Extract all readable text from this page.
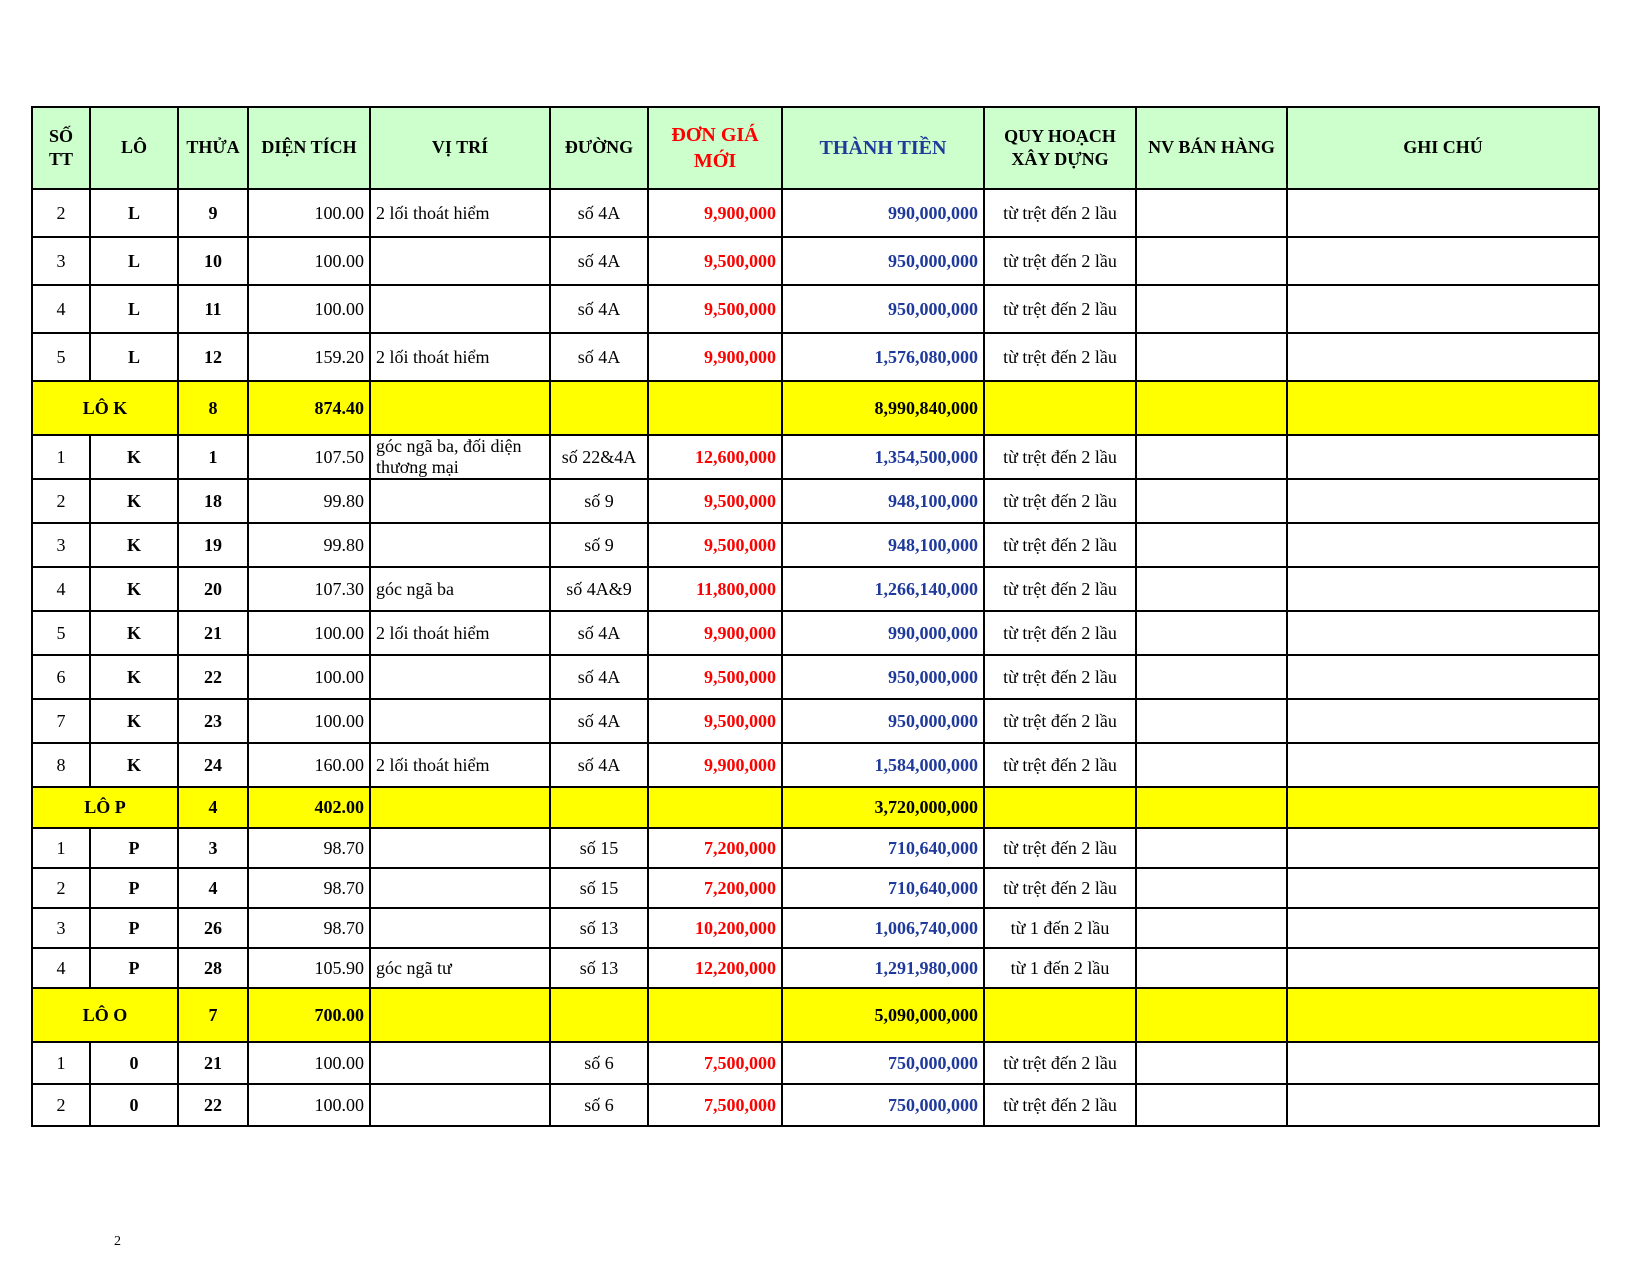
SỐ TT	LÔ	THỬA	DIỆN TÍCH	VỊ TRÍ	ĐƯỜNG	ĐƠN GIÁ MỚI	THÀNH TIỀN	QUY HOẠCH XÂY DỰNG	NV BÁN HÀNG	GHI CHÚ
2	L	9	100.00	2 lối thoát hiểm	số 4A	9,900,000	990,000,000	từ trệt đến 2 lầu		
3	L	10	100.00		số 4A	9,500,000	950,000,000	từ trệt đến 2 lầu		
4	L	11	100.00		số 4A	9,500,000	950,000,000	từ trệt đến 2 lầu		
5	L	12	159.20	2 lối thoát hiểm	số 4A	9,900,000	1,576,080,000	từ trệt đến 2 lầu		
LÔ K		8	874.40				8,990,840,000			
1	K	1	107.50	góc ngã ba, đối diện thương mại	số 22&4A	12,600,000	1,354,500,000	từ trệt đến 2 lầu		
2	K	18	99.80		số 9	9,500,000	948,100,000	từ trệt đến 2 lầu		
3	K	19	99.80		số 9	9,500,000	948,100,000	từ trệt đến 2 lầu		
4	K	20	107.30	góc ngã ba	số 4A&9	11,800,000	1,266,140,000	từ trệt đến 2 lầu		
5	K	21	100.00	2 lối thoát hiểm	số 4A	9,900,000	990,000,000	từ trệt đến 2 lầu		
6	K	22	100.00		số 4A	9,500,000	950,000,000	từ trệt đến 2 lầu		
7	K	23	100.00		số 4A	9,500,000	950,000,000	từ trệt đến 2 lầu		
8	K	24	160.00	2 lối thoát hiểm	số 4A	9,900,000	1,584,000,000	từ trệt đến 2 lầu		
LÔ P		4	402.00				3,720,000,000			
1	P	3	98.70		số 15	7,200,000	710,640,000	từ trệt đến 2 lầu		
2	P	4	98.70		số 15	7,200,000	710,640,000	từ trệt đến 2 lầu		
3	P	26	98.70		số 13	10,200,000	1,006,740,000	từ 1 đến 2 lầu		
4	P	28	105.90	góc ngã tư	số 13	12,200,000	1,291,980,000	từ 1 đến 2 lầu		
LÔ O		7	700.00				5,090,000,000			
1	0	21	100.00		số 6	7,500,000	750,000,000	từ trệt đến 2 lầu		
2	0	22	100.00		số 6	7,500,000	750,000,000	từ trệt đến 2 lầu		
2
